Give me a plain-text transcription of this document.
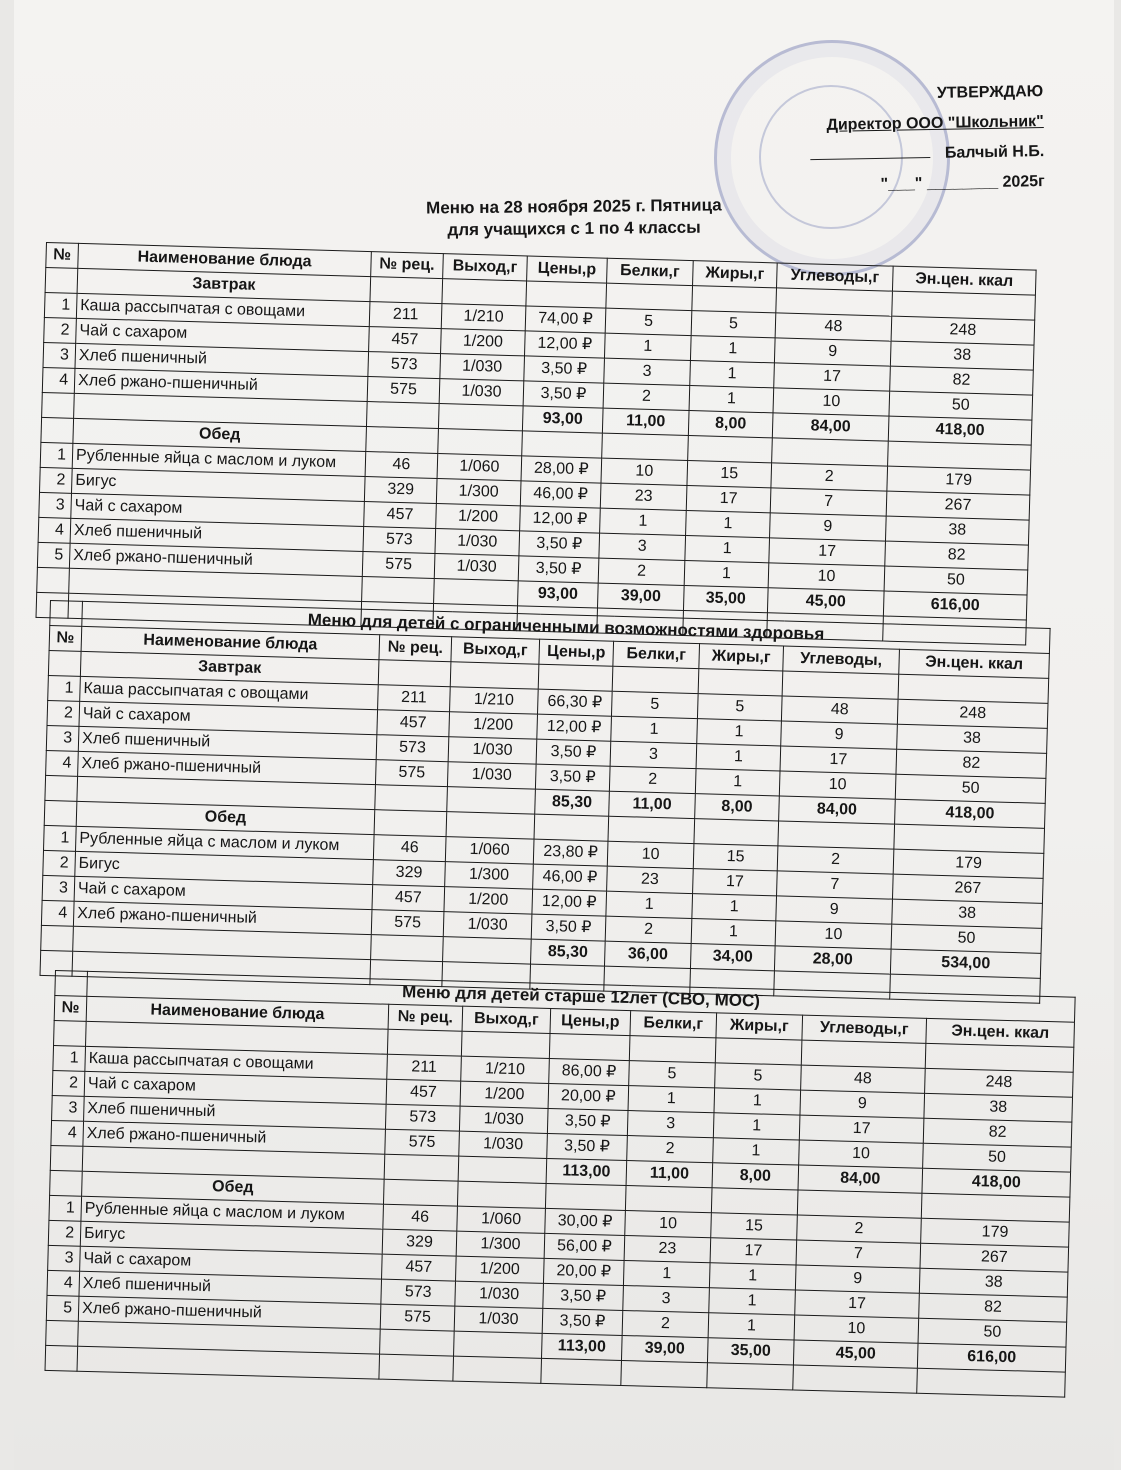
УТВЕРЖДАЮ
Директор ООО "Школьник"
Балчый Н.Б.
"___" ________ 2025г
Меню на 28 ноября 2025 г. Пятница
для учащихся с 1 по 4 классы
№	Наименование блюда	№ рец.	Выход,г	Цены,р	Белки,г	Жиры,г	Углеводы,г	Эн.цен. ккал
	Завтрак							
1	Каша рассыпчатая с овощами	211	1/210	74,00 ₽	5	5	48	248
2	Чай с сахаром	457	1/200	12,00 ₽	1	1	9	38
3	Хлеб пшеничный	573	1/030	3,50 ₽	3	1	17	82
4	Хлеб ржано-пшеничный	575	1/030	3,50 ₽	2	1	10	50
				93,00	11,00	8,00	84,00	418,00
	Обед							
1	Рубленные яйца с маслом и луком	46	1/060	28,00 ₽	10	15	2	179
2	Бигус	329	1/300	46,00 ₽	23	17	7	267
3	Чай с сахаром	457	1/200	12,00 ₽	1	1	9	38
4	Хлеб пшеничный	573	1/030	3,50 ₽	3	1	17	82
5	Хлеб ржано-пшеничный	575	1/030	3,50 ₽	2	1	10	50
				93,00	39,00	35,00	45,00	616,00

	Меню для детей с ограниченными возможностями здоровья							
№	Наименование блюда	№ рец.	Выход,г	Цены,р	Белки,г	Жиры,г	Углеводы,	Эн.цен. ккал
	Завтрак							
1	Каша рассыпчатая с овощами	211	1/210	66,30 ₽	5	5	48	248
2	Чай с сахаром	457	1/200	12,00 ₽	1	1	9	38
3	Хлеб пшеничный	573	1/030	3,50 ₽	3	1	17	82
4	Хлеб ржано-пшеничный	575	1/030	3,50 ₽	2	1	10	50
				85,30	11,00	8,00	84,00	418,00
	Обед							
1	Рубленные яйца с маслом и луком	46	1/060	23,80 ₽	10	15	2	179
2	Бигус	329	1/300	46,00 ₽	23	17	7	267
3	Чай с сахаром	457	1/200	12,00 ₽	1	1	9	38
4	Хлеб ржано-пшеничный	575	1/030	3,50 ₽	2	1	10	50
				85,30	36,00	34,00	28,00	534,00

	Меню для детей старше 12лет (СВО, МОС)							
№	Наименование блюда	№ рец.	Выход,г	Цены,р	Белки,г	Жиры,г	Углеводы,г	Эн.цен. ккал

1	Каша рассыпчатая с овощами	211	1/210	86,00 ₽	5	5	48	248
2	Чай с сахаром	457	1/200	20,00 ₽	1	1	9	38
3	Хлеб пшеничный	573	1/030	3,50 ₽	3	1	17	82
4	Хлеб ржано-пшеничный	575	1/030	3,50 ₽	2	1	10	50
				113,00	11,00	8,00	84,00	418,00
	Обед							
1	Рубленные яйца с маслом и луком	46	1/060	30,00 ₽	10	15	2	179
2	Бигус	329	1/300	56,00 ₽	23	17	7	267
3	Чай с сахаром	457	1/200	20,00 ₽	1	1	9	38
4	Хлеб пшеничный	573	1/030	3,50 ₽	3	1	17	82
5	Хлеб ржано-пшеничный	575	1/030	3,50 ₽	2	1	10	50
				113,00	39,00	35,00	45,00	616,00
